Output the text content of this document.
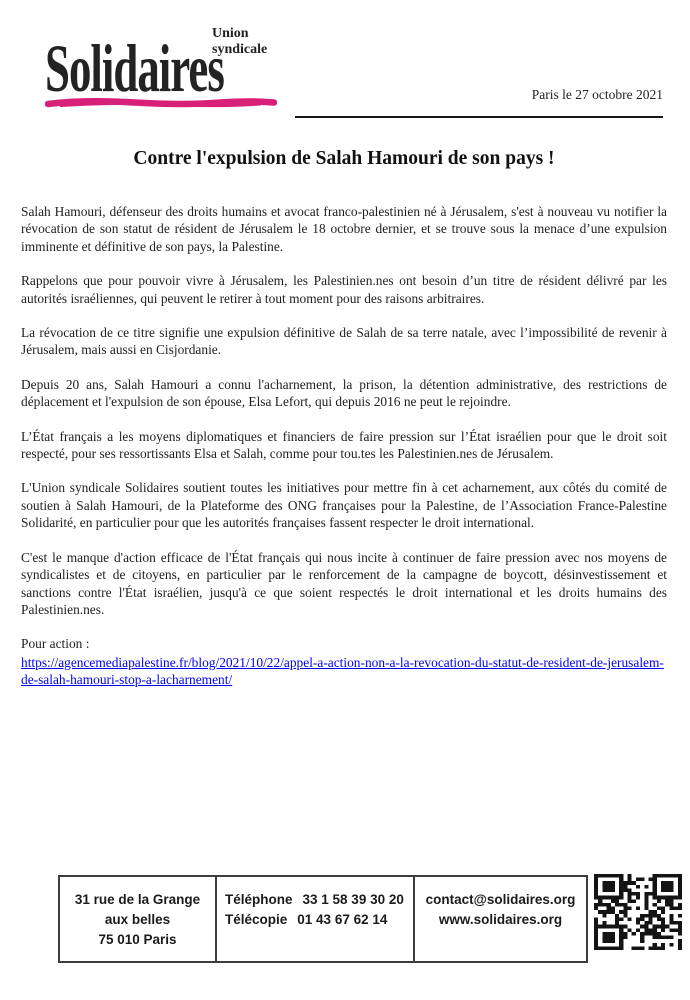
Union
syndicale
Solidaires	Paris le 27 octobre 2021
Contre l'expulsion de Salah Hamouri de son pays !

Salah Hamouri, défenseur des droits humains et avocat franco-palestinien né à Jérusalem, s'est à nouveau vu notifier la révocation de son statut de résident de Jérusalem le 18 octobre dernier, et se trouve sous la menace d’une expulsion imminente et définitive de son pays, la Palestine.

Rappelons que pour pouvoir vivre à Jérusalem, les Palestinien.nes ont besoin d’un titre de résident délivré par les autorités israéliennes, qui peuvent le retirer à tout moment pour des raisons arbitraires.

La révocation de ce titre signifie une expulsion définitive de Salah de sa terre natale, avec l’impossibilité de revenir à Jérusalem, mais aussi en Cisjordanie.

Depuis 20 ans, Salah Hamouri a connu l'acharnement, la prison, la détention administrative, des restrictions de déplacement et l'expulsion de son épouse, Elsa Lefort, qui depuis 2016 ne peut le rejoindre.

L’État français a les moyens diplomatiques et financiers de faire pression sur l’État israélien pour que le droit soit respecté, pour ses ressortissants Elsa et Salah, comme pour tou.tes les Palestinien.nes de Jérusalem.

L'Union syndicale Solidaires soutient toutes les initiatives pour mettre fin à cet acharnement, aux côtés du comité de soutien à Salah Hamouri, de la Plateforme des ONG françaises pour la Palestine, de l’Association France-Palestine Solidarité, en particulier pour que les autorités françaises fassent respecter le droit international.

C'est le manque d'action efficace de l'État français qui nous incite à continuer de faire pression avec nos moyens de syndicalistes et de citoyens, en particulier par le renforcement de la campagne de boycott, désinvestissement et sanctions contre l'État israélien, jusqu'à ce que soient respectés le droit international et les droits humains des Palestinien.nes.

Pour action :
https://agencemediapalestine.fr/blog/2021/10/22/appel-a-action-non-a-la-revocation-du-statut-de-resident-de-jerusalem-de-salah-hamouri-stop-a-lacharnement/
31 rue de la Grange
aux belles
75 010 Paris
Téléphone 33 1 58 39 30 20
Télécopie 01 43 67 62 14
contact@solidaires.org
www.solidaires.org
